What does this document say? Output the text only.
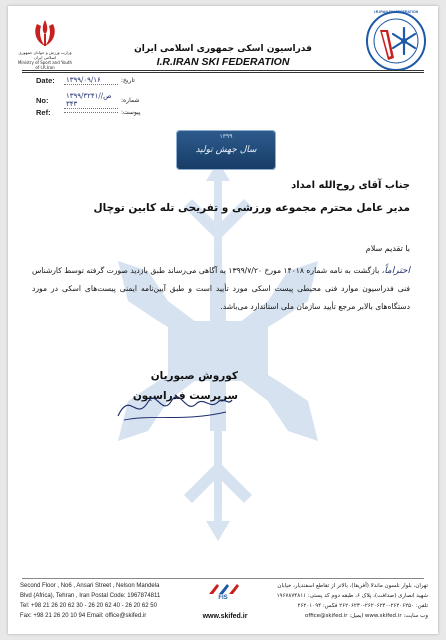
وزارت ورزش و جوانان جمهوری اسلامی ایران
Ministry of Sport and Youth
of I.R.Iran
فدراسیون اسکی جمهوری اسلامی ایران
I.R.IRAN SKI FEDERATION
I.R.IRAN SKI FEDERATION
Date:	۱۳۹۹/۰۹/۱۶	تاریخ:
No:	۱۳۹۹/۳۲۴۱/ص/۳۴۳	شماره:
Ref:	پیوست:
۱۳۹۹
سال جهش تولید
جناب آقای روح‌الله امداد
مدیر عامل محترم مجموعه ورزشی و تفریحی تله کابین توچال
با تقدیم سلام
احتراماً، بازگشت به نامه شماره ۱۴۰۱۸ مورخ ۱۳۹۹/۷/۲۰ به آگاهی می‌رساند طبق بازدید صورت گرفته توسط کارشناس فنی فدراسیون موارد فنی محیطی پیست اسکی مورد تأیید است و طبق آیین‌نامه ایمنی پیست‌های اسکی در مورد دستگاه‌های بالابر مرجع تأیید سازمان ملی استاندارد می‌باشد.
کوروش صبوریان
سرپرست فدراسیون
Second Floor , No6 , Ansari Street , Nelson Mandela
Blvd (Africa), Tehran , Iran Postal Code: 1967874811
Tel: +98 21 26 20 62 30 - 26 20 62 40 - 26 20 62 50
Fax: +98 21 26 20 10 94 Email: office@skifed.ir
FIS
www.skifed.ir
تهران، بلوار نلسون ماندلا (آفریقا)، بالاتر از تقاطع اسفندیار، خیابان
شهید انصاری (صدافت)، پلاک ۶، طبقه دوم کد پستی: ۱۹۶۷۸۷۴۸۱۱
تلفن: ۲۶۲۰۶۲۵۰-۲۶۲۰۶۲۴۰-۲۶۲۰۶۲۳۰ فکس: ۲۶۲۰۱۰۹۴
وب سایت: www.skifed.ir ایمیل: office@skifed.ir
